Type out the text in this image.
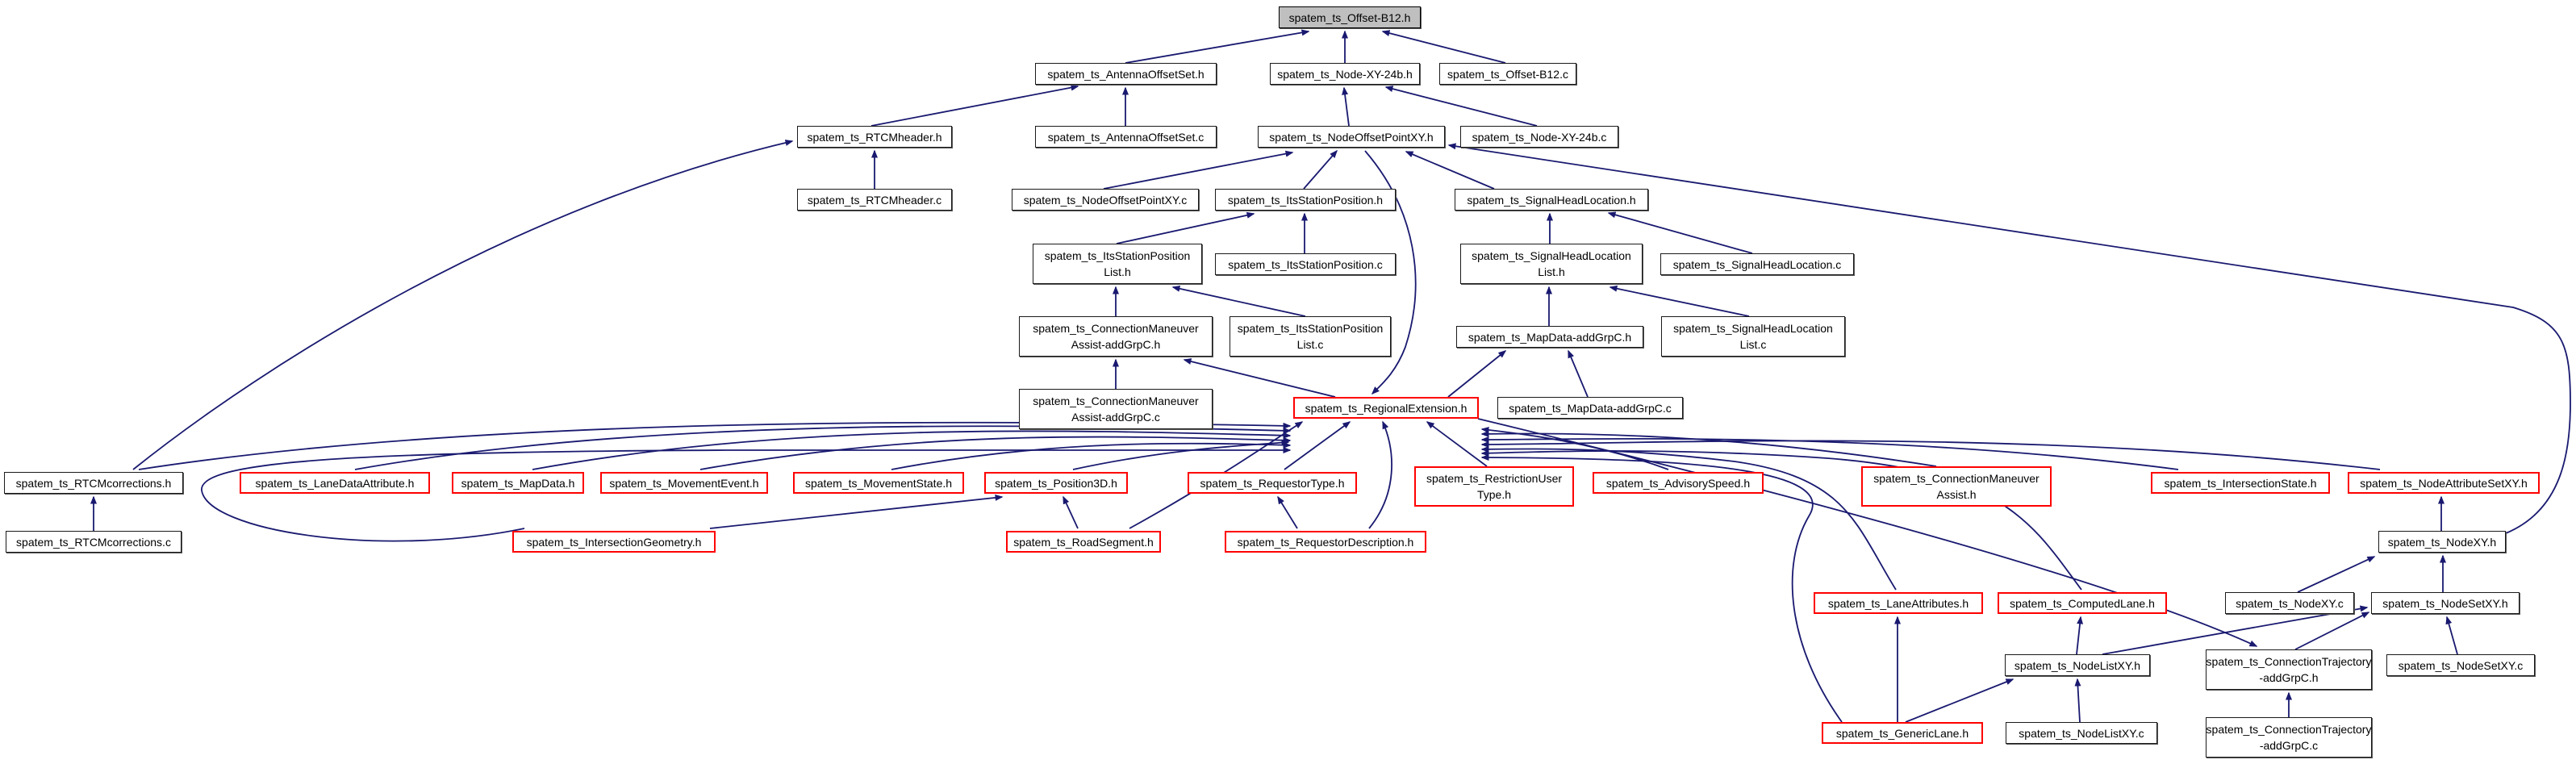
spatem_ts_Offset-B12.h
spatem_ts_AntennaOffsetSet.h	spatem_ts_Node-XY-24b.h	spatem_ts_Offset-B12.c
spatem_ts_RTCMheader.h	spatem_ts_AntennaOffsetSet.c	spatem_ts_NodeOffsetPointXY.h	spatem_ts_Node-XY-24b.c
spatem_ts_RTCMheader.c	spatem_ts_NodeOffsetPointXY.c	spatem_ts_ItsStationPosition.h	spatem_ts_SignalHeadLocation.h
spatem_ts_ItsStationPosition
List.h
spatem_ts_ItsStationPosition.c
spatem_ts_SignalHeadLocation
List.h
spatem_ts_SignalHeadLocation.c
spatem_ts_ConnectionManeuver
Assist-addGrpC.h
spatem_ts_ItsStationPosition
List.c
spatem_ts_MapData-addGrpC.h
spatem_ts_SignalHeadLocation
List.c
spatem_ts_ConnectionManeuver
Assist-addGrpC.c
spatem_ts_RegionalExtension.h	spatem_ts_MapData-addGrpC.c
spatem_ts_RTCMcorrections.h	spatem_ts_LaneDataAttribute.h	spatem_ts_MapData.h	spatem_ts_MovementEvent.h	spatem_ts_MovementState.h	spatem_ts_Position3D.h	spatem_ts_RequestorType.h	spatem_ts_RestrictionUser
Type.h
spatem_ts_AdvisorySpeed.h	spatem_ts_ConnectionManeuver
Assist.h
spatem_ts_IntersectionState.h	spatem_ts_NodeAttributeSetXY.h
spatem_ts_RTCMcorrections.c	spatem_ts_IntersectionGeometry.h	spatem_ts_RoadSegment.h	spatem_ts_RequestorDescription.h	spatem_ts_NodeXY.h
spatem_ts_LaneAttributes.h	spatem_ts_ComputedLane.h	spatem_ts_NodeXY.c	spatem_ts_NodeSetXY.h
spatem_ts_NodeListXY.h	spatem_ts_ConnectionTrajectory
-addGrpC.h
spatem_ts_NodeSetXY.c
spatem_ts_GenericLane.h	spatem_ts_NodeListXY.c	spatem_ts_ConnectionTrajectory
-addGrpC.c
